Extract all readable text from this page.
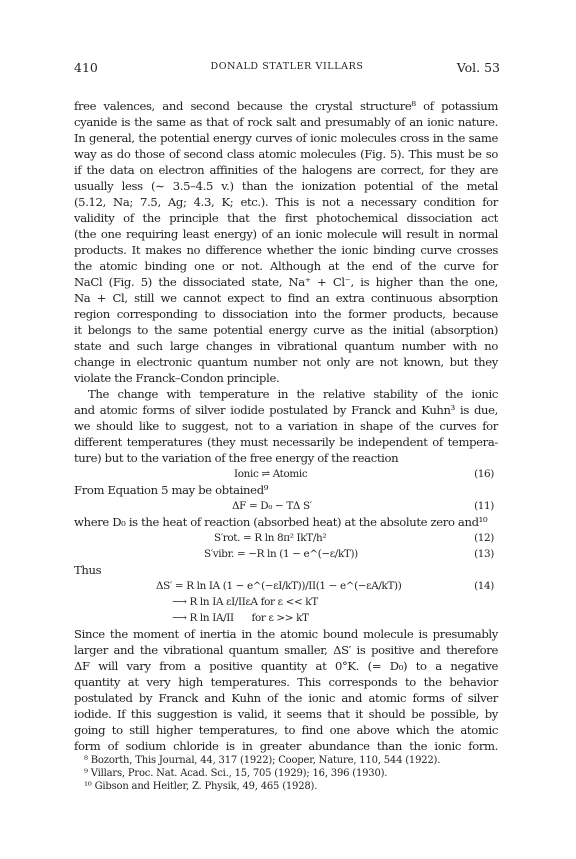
410	DONALD STATLER VILLARS	Vol. 53
free valences, and second because the crystal structure⁸ of potassium
cyanide is the same as that of rock salt and presumably of an ionic nature.
In general, the potential energy curves of ionic molecules cross in the same
way as do those of second class atomic molecules (Fig. 5). This must be so
if the data on electron affinities of the halogens are correct, for they are
usually less (∼ 3.5–4.5 v.) than the ionization potential of the metal
(5.12, Na; 7.5, Ag; 4.3, K; etc.). This is not a necessary condition for
validity of the principle that the first photochemical dissociation act
(the one requiring least energy) of an ionic molecule will result in normal
products. It makes no difference whether the ionic binding curve crosses
the atomic binding one or not. Although at the end of the curve for
NaCl (Fig. 5) the dissociated state, Na⁺ + Cl⁻, is higher than the one,
Na + Cl, still we cannot expect to find an extra continuous absorption
region corresponding to dissociation into the former products, because
it belongs to the same potential energy curve as the initial (absorption)
state and such large changes in vibrational quantum number with no
change in electronic quantum number not only are not known, but they
violate the Franck–Condon principle.
The change with temperature in the relative stability of the ionic
and atomic forms of silver iodide postulated by Franck and Kuhn³ is due,
we should like to suggest, not to a variation in shape of the curves for
different temperatures (they must necessarily be independent of tempera-
ture) but to the variation of the free energy of the reaction
Ionic ⇌ Atomic	(16)
From Equation 5 may be obtained⁹
ΔF = D₀ − TΔ S′	(11)
where D₀ is the heat of reaction (absorbed heat) at the absolute zero and¹⁰
S′rot. = R ln 8π² IkT/h²	(12)
S′vibr. = −R ln (1 − e^(−ε/kT))	(13)
Thus
ΔS′ = R ln IA (1 − e^(−εI/kT))/II(1 − e^(−εA/kT))	(14)
⟶ R ln IA εI/IIεA for ε << kT
⟶ R ln IA/II      for ε >> kT
Since the moment of inertia in the atomic bound molecule is presumably
larger and the vibrational quantum smaller, ΔS′ is positive and therefore
ΔF will vary from a positive quantity at 0°K. (= D₀) to a negative
quantity at very high temperatures. This corresponds to the behavior
postulated by Franck and Kuhn of the ionic and atomic forms of silver
iodide. If this suggestion is valid, it seems that it should be possible, by
going to still higher temperatures, to find one above which the atomic
form of sodium chloride is in greater abundance than the ionic form.
⁸ Bozorth, This Journal, 44, 317 (1922); Cooper, Nature, 110, 544 (1922).
⁹ Villars, Proc. Nat. Acad. Sci., 15, 705 (1929); 16, 396 (1930).
¹⁰ Gibson and Heitler, Z. Physik, 49, 465 (1928).
